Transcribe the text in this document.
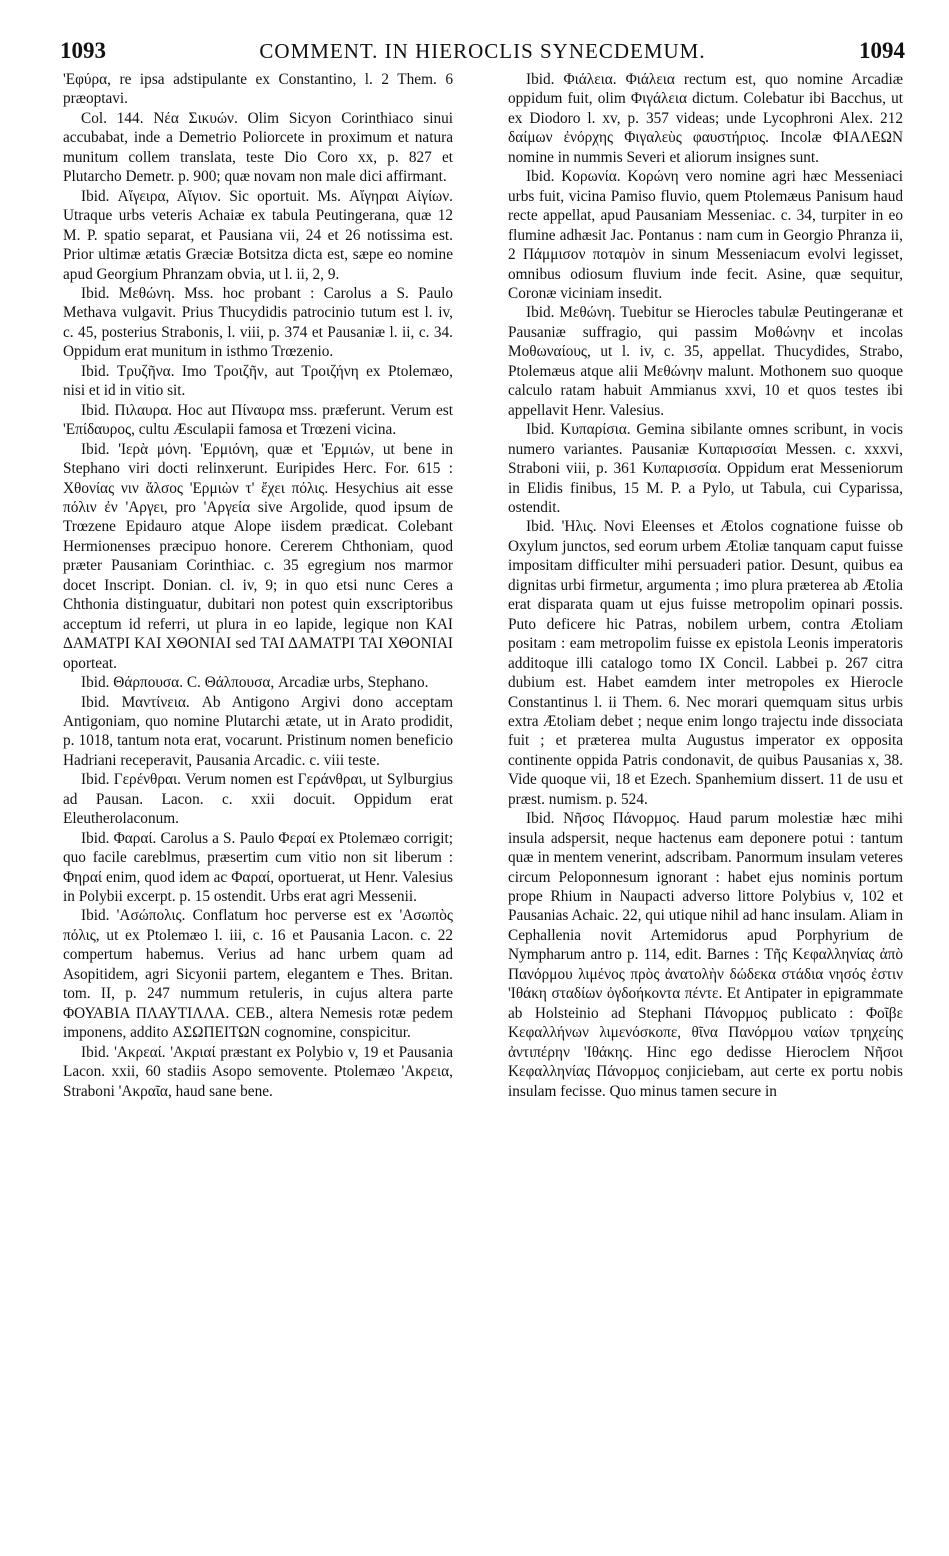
1093	COMMENT. IN HIEROCLIS SYNECDEMUM.	1094

'Εφύρα, re ipsa adstipulante ex Constantino, l. 2 Them. 6 præoptavi.

Col. 144. Νέα Σικυών. Olim Sicyon Corinthiaco sinui accubabat, inde a Demetrio Poliorcete in proximum et natura munitum collem translata, teste Dio Coro xx, p. 827 et Plutarcho Demetr. p. 900; quæ novam non male dici affirmant.

Ibid. Αἴγειρα, Αἴγιον. Sic oportuit. Ms. Αἴγηραι Αἰγίων. Utraque urbs veteris Achaiæ ex tabula Peutingerana, quæ 12 M. P. spatio separat, et Pausiana vii, 24 et 26 notissima est. Prior ultimæ ætatis Græciæ Botsitza dicta est, sæpe eo nomine apud Georgium Phranzam obvia, ut l. ii, 2, 9.

Ibid. Μεθώνη. Mss. hoc probant : Carolus a S. Paulo Methava vulgavit. Prius Thucydidis patrocinio tutum est l. iv, c. 45, posterius Strabonis, l. viii, p. 374 et Pausaniæ l. ii, c. 34. Oppidum erat munitum in isthmo Trœzenio.

Ibid. Τρυζῆνα. Imo Τροιζῆν, aut Τροιζήνη ex Ptolemæo, nisi et id in vitio sit.

Ibid. Πιλαυρα. Hoc aut Πίναυρα mss. præferunt. Verum est 'Επίδαυρος, cultu Æsculapii famosa et Trœzeni vicina.

Ibid. 'Ιερὰ μόνη. 'Ερμιόνη, quæ et 'Ερμιών, ut bene in Stephano viri docti relinxerunt. Euripides Herc. For. 615 : Χθονίας νιν ἄλσος 'Ερμιὼν τ' ἔχει πόλις. Hesychius ait esse πόλιν ἐν 'Αργει, pro 'Αργεία sive Argolide, quod ipsum de Trœzene Epidauro atque Alope iisdem prædicat. Colebant Hermionenses præcipuo honore. Cererem Chthoniam, quod præter Pausaniam Corinthiac. c. 35 egregium nos marmor docet Inscript. Donian. cl. iv, 9; in quo etsi nunc Ceres a Chthonia distinguatur, dubitari non potest quin exscriptoribus acceptum id referri, ut plura in eo lapide, legique non ΚΑΙ ΔΑΜΑΤΡΙ ΚΑΙ ΧΘΟΝΙΑΙ sed ΤΑΙ ΔΑΜΑΤΡΙ ΤΑΙ ΧΘΟΝΙΑΙ oporteat.

Ibid. Θάρπουσα. C. Θάλπουσα, Arcadiæ urbs, Stephano.

Ibid. Μαντίνεια. Ab Antigono Argivi dono acceptam Antigoniam, quo nomine Plutarchi ætate, ut in Arato prodidit, p. 1018, tantum nota erat, vocarunt. Pristinum nomen beneficio Hadriani receperavit, Pausania Arcadic. c. viii teste.

Ibid. Γερένθραι. Verum nomen est Γεράνθραι, ut Sylburgius ad Pausan. Lacon. c. xxii docuit. Oppidum erat Eleutherolaconum.

Ibid. Φαραί. Carolus a S. Paulo Φεραί ex Ptolemæo corrigit; quo facile careblmus, præsertim cum vitio non sit liberum : Φηραί enim, quod idem ac Φαραί, oportuerat, ut Henr. Valesius in Polybii excerpt. p. 15 ostendit. Urbs erat agri Messenii.

Ibid. 'Ασώπολις. Conflatum hoc perverse est ex 'Ασωπὸς πόλις, ut ex Ptolemæo l. iii, c. 16 et Pausania Lacon. c. 22 compertum habemus. Verius ad hanc urbem quam ad Asopitidem, agri Sicyonii partem, elegantem e Thes. Britan. tom. II, p. 247 nummum retuleris, in cujus altera parte ΦΟΥΑΒΙΑ ΠΛΑΥΤΙΛΛΑ. CEB., altera Nemesis rotæ pedem imponens, addito ΑΣΩΠΕΙΤΩΝ cognomine, conspicitur.

Ibid. 'Ακρεαί. 'Ακριαί præstant ex Polybio v, 19 et Pausania Lacon. xxii, 60 stadiis Asopo semovente. Ptolemæo 'Ακρεια, Straboni 'Ακραῖα, haud sane bene.

Ibid. Φιάλεια. Φιάλεια rectum est, quo nomine Arcadiæ oppidum fuit, olim Φιγάλεια dictum. Colebatur ibi Bacchus, ut ex Diodoro l. xv, p. 357 videas; unde Lycophroni Alex. 212 δαίμων ἐνόρχης Φιγαλεὺς φαυστήριος. Incolæ ΦΙΑΛΕΩΝ nomine in nummis Severi et aliorum insignes sunt.

Ibid. Κορωνία. Κορώνη vero nomine agri hæc Messeniaci urbs fuit, vicina Pamiso fluvio, quem Ptolemæus Panisum haud recte appellat, apud Pausaniam Messeniac. c. 34, turpiter in eo flumine adhæsit Jac. Pontanus : nam cum in Georgio Phranza ii, 2 Πάμμισον ποταμὸν in sinum Messeniacum evolvi legisset, omnibus odiosum fluvium inde fecit. Asine, quæ sequitur, Coronæ viciniam insedit.

Ibid. Μεθώνη. Tuebitur se Hierocles tabulæ Peutingeranæ et Pausaniæ suffragio, qui passim Μοθώνην et incolas Μοθωναίους, ut l. iv, c. 35, appellat. Thucydides, Strabo, Ptolemæus atque alii Μεθώνην malunt. Mothonem suo quoque calculo ratam habuit Ammianus xxvi, 10 et quos testes ibi appellavit Henr. Valesius.

Ibid. Κυπαρίσια. Gemina sibilante omnes scribunt, in vocis numero variantes. Pausaniæ Κυπαρισσίαι Messen. c. xxxvi, Straboni viii, p. 361 Κυπαρισσία. Oppidum erat Messeniorum in Elidis finibus, 15 M. P. a Pylo, ut Tabula, cui Cyparissa, ostendit.

Ibid. 'Ηλις. Novi Eleenses et Ætolos cognatione fuisse ob Oxylum junctos, sed eorum urbem Ætoliæ tanquam caput fuisse impositam difficulter mihi persuaderi patior. Desunt, quibus ea dignitas urbi firmetur, argumenta ; imo plura præterea ab Ætolia erat disparata quam ut ejus fuisse metropolim opinari possis. Puto deficere hic Patras, nobilem urbem, contra Ætoliam positam : eam metropolim fuisse ex epistola Leonis imperatoris additoque illi catalogo tomo IX Concil. Labbei p. 267 citra dubium est. Habet eamdem inter metropoles ex Hierocle Constantinus l. ii Them. 6. Nec morari quemquam situs urbis extra Ætoliam debet ; neque enim longo trajectu inde dissociata fuit ; et præterea multa Augustus imperator ex opposita continente oppida Patris condonavit, de quibus Pausanias x, 38. Vide quoque vii, 18 et Ezech. Spanhemium dissert. 11 de usu et præst. numism. p. 524.

Ibid. Νῆσος Πάνορμος. Haud parum molestiæ hæc mihi insula adspersit, neque hactenus eam deponere potui : tantum quæ in mentem venerint, adscribam. Panormum insulam veteres circum Peloponnesum ignorant : habet ejus nominis portum prope Rhium in Naupacti adverso littore Polybius v, 102 et Pausanias Achaic. 22, qui utique nihil ad hanc insulam. Aliam in Cephallenia novit Artemidorus apud Porphyrium de Nympharum antro p. 114, edit. Barnes : Τῆς Κεφαλληνίας ἀπὸ Πανόρμου λιμένος πρὸς ἀνατολὴν δώδεκα στάδια νησός ἐστιν 'Ιθάκη σταδίων ὀγδοήκοντα πέντε. Et Antipater in epigrammate ab Holsteinio ad Stephani Πάνορμος publicato : Φοῖβε Κεφαλλήνων λιμενόσκοπε, θῖνα Πανόρμου ναίων τρηχείης ἀντιπέρην 'Ιθάκης. Hinc ego dedisse Hieroclem Νῆσοι Κεφαλληνίας Πάνορμος conjiciebam, aut certe ex portu nobis insulam fecisse. Quo minus tamen secure in
